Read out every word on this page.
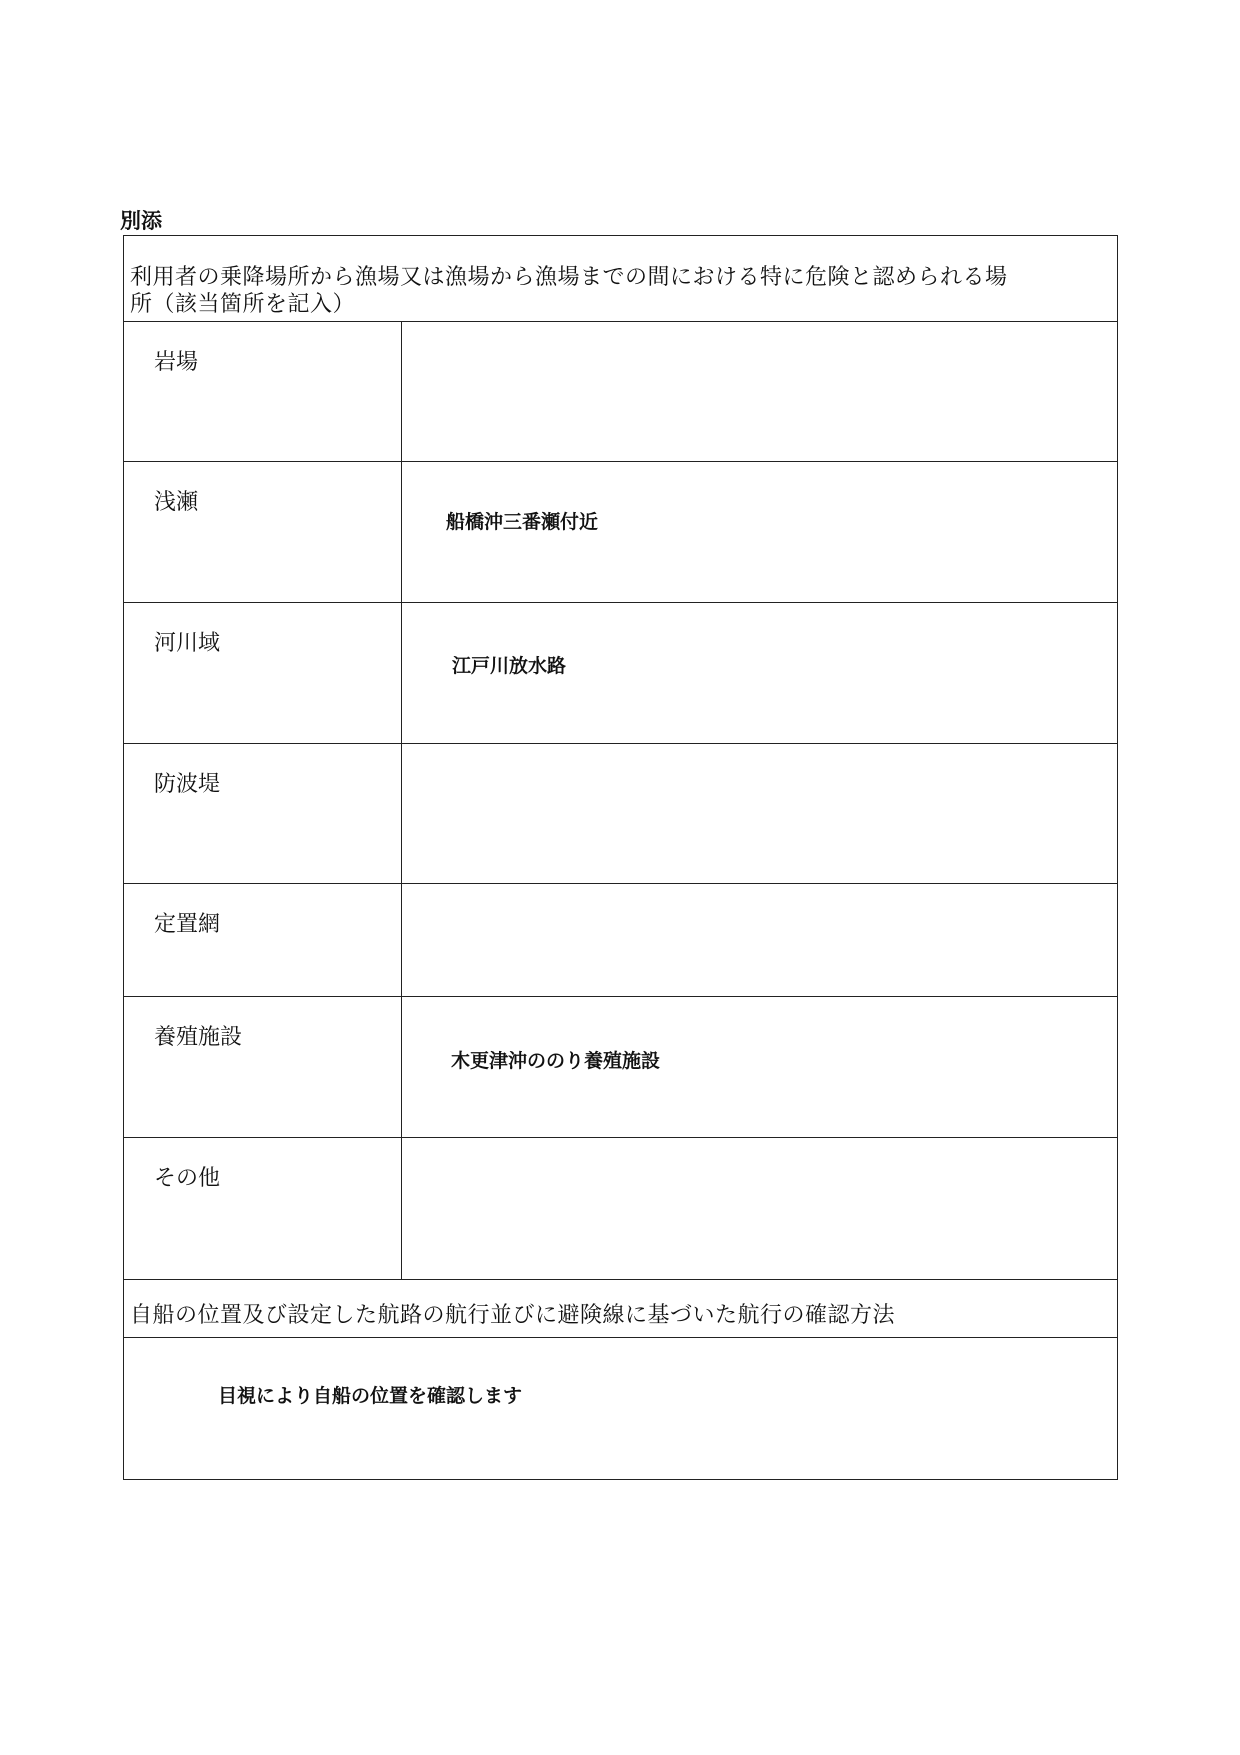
別添
利用者の乗降場所から漁場又は漁場から漁場までの間における特に危険と認められる場
所（該当箇所を記入）
岩場
浅瀬
船橋沖三番瀬付近
河川域
江戸川放水路
防波堤
定置網
養殖施設
木更津沖ののり養殖施設
その他
自船の位置及び設定した航路の航行並びに避険線に基づいた航行の確認方法
目視により自船の位置を確認します
